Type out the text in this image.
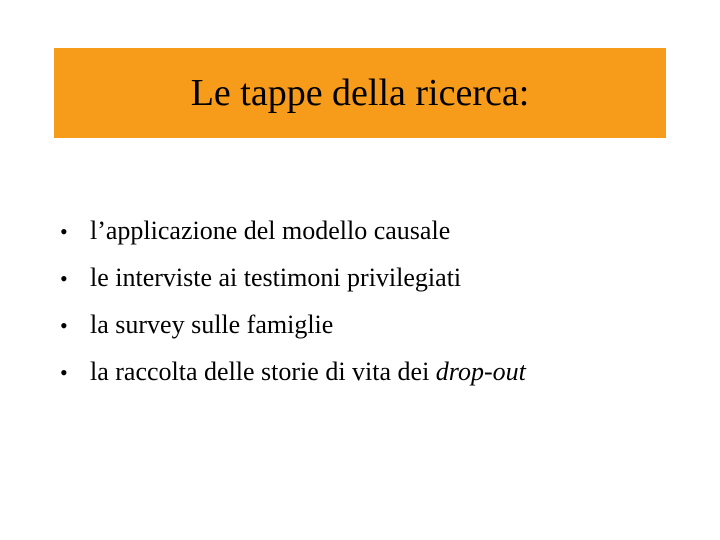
Le tappe della ricerca:
• l’applicazione del modello causale
• le interviste ai testimoni privilegiati
• la survey sulle famiglie
• la raccolta delle storie di vita dei drop-out
